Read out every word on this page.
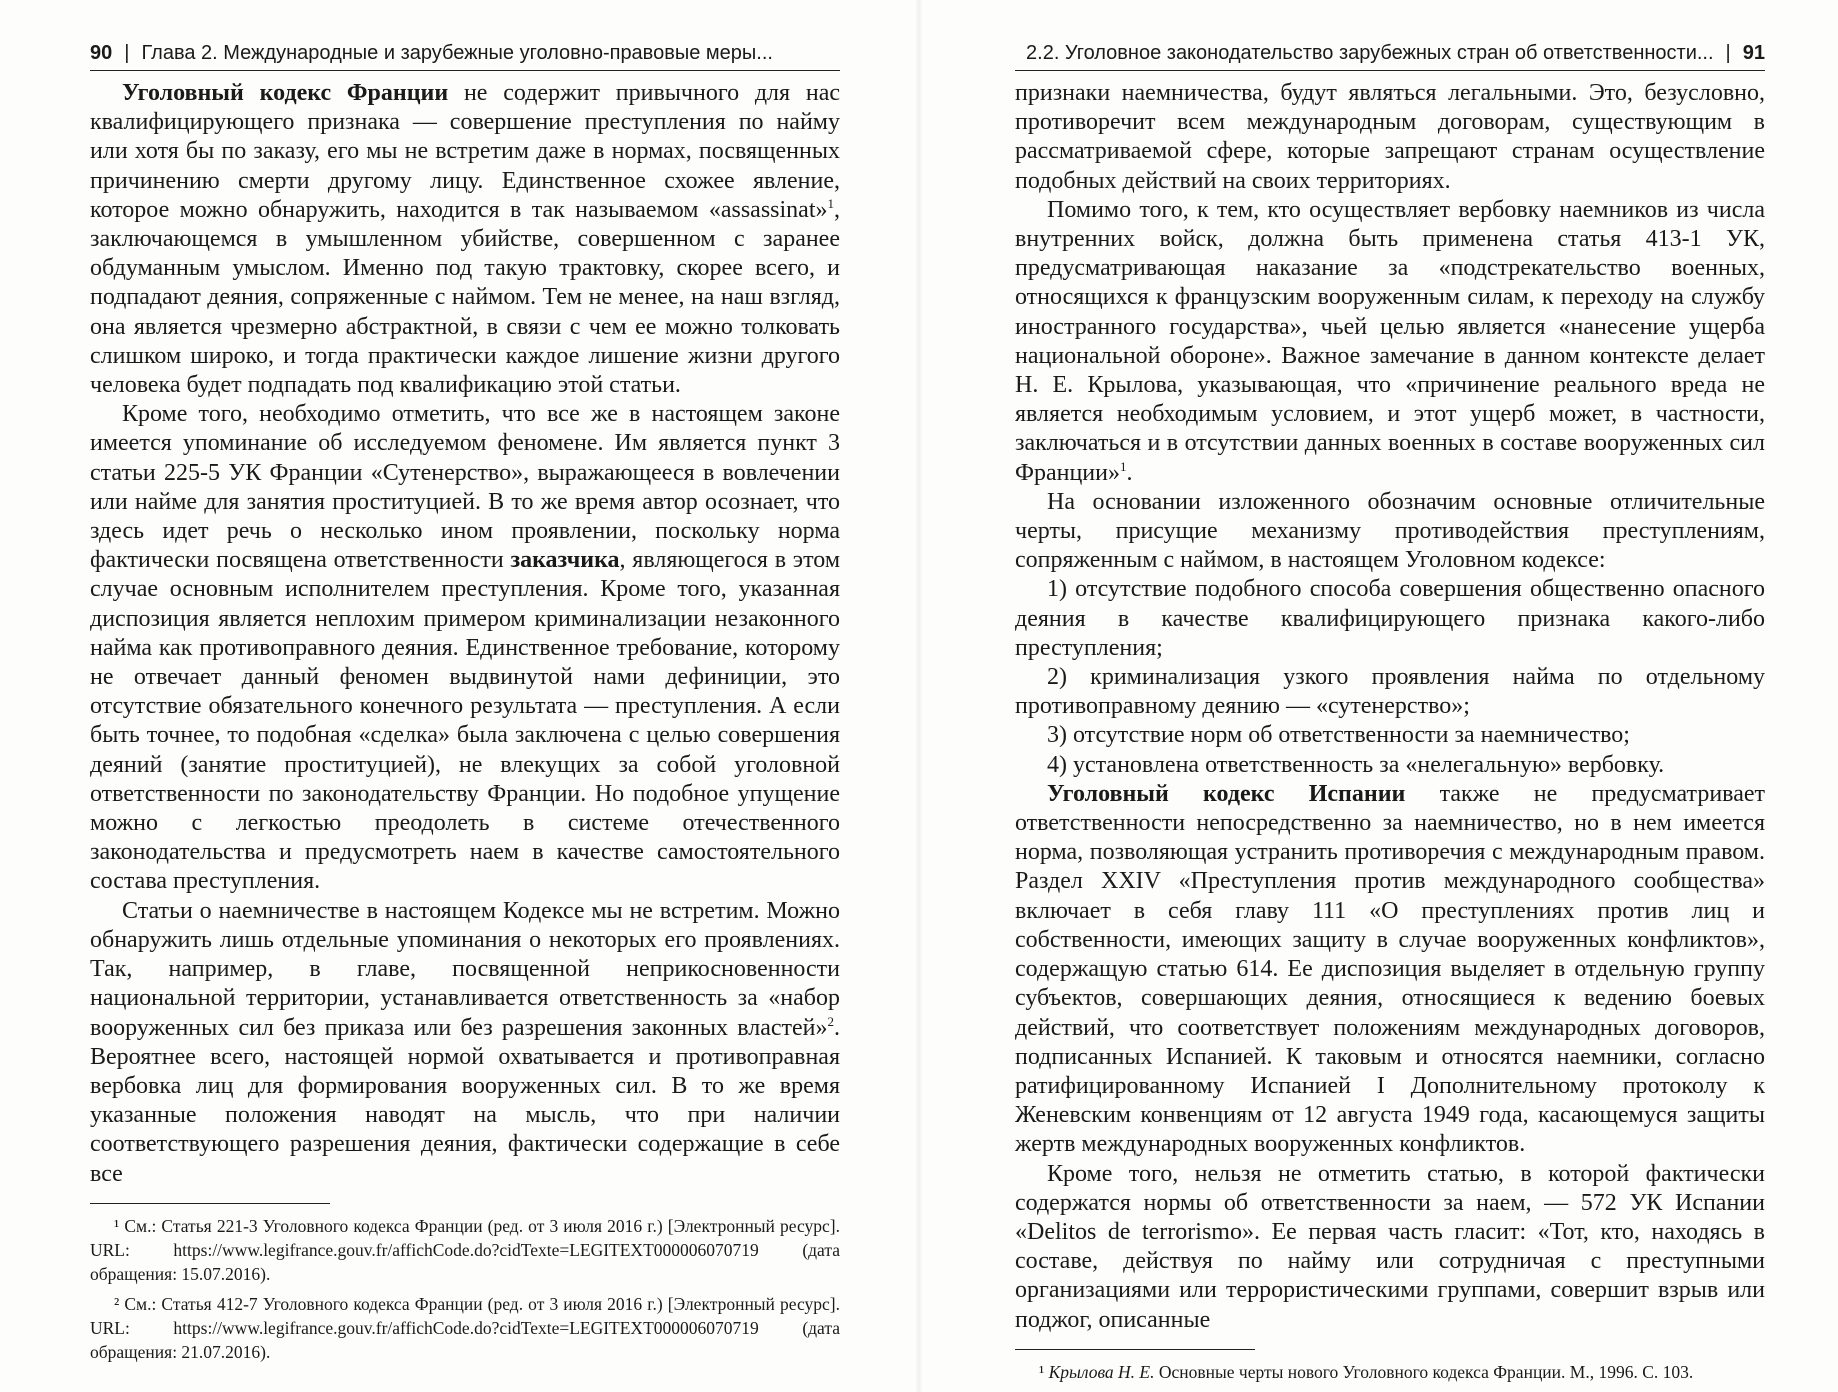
90 | Глава 2. Международные и зарубежные уголовно-правовые меры...

Уголовный кодекс Франции не содержит привычного для нас квалифицирующего признака — совершение преступления по найму или хотя бы по заказу, его мы не встретим даже в нормах, посвященных причинению смерти другому лицу. Единственное схожее явление, которое можно обнаружить, находится в так называемом «assassinat»$^1$, заключающемся в умышленном убийстве, совершенном с заранее обдуманным умыслом. Именно под такую трактовку, скорее всего, и подпадают деяния, сопряженные с наймом. Тем не менее, на наш взгляд, она является чрезмерно абстрактной, в связи с чем ее можно толковать слишком широко, и тогда практически каждое лишение жизни другого человека будет подпадать под квалификацию этой статьи.

Кроме того, необходимо отметить, что все же в настоящем законе имеется упоминание об исследуемом феномене. Им является пункт 3 статьи 225-5 УК Франции «Сутенерство», выражающееся в вовлечении или найме для занятия проституцией. В то же время автор осознает, что здесь идет речь о несколько ином проявлении, поскольку норма фактически посвящена ответственности заказчика, являющегося в этом случае основным исполнителем преступления. Кроме того, указанная диспозиция является неплохим примером криминализации незаконного найма как противоправного деяния. Единственное требование, которому не отвечает данный феномен выдвинутой нами дефиниции, это отсутствие обязательного конечного результата — преступления. А если быть точнее, то подобная «сделка» была заключена с целью совершения деяний (занятие проституцией), не влекущих за собой уголовной ответственности по законодательству Франции. Но подобное упущение можно с легкостью преодолеть в системе отечественного законодательства и предусмотреть наем в качестве самостоятельного состава преступления.

Статьи о наемничестве в настоящем Кодексе мы не встретим. Можно обнаружить лишь отдельные упоминания о некоторых его проявлениях. Так, например, в главе, посвященной неприкосновенности национальной территории, устанавливается ответственность за «набор вооруженных сил без приказа или без разрешения законных властей»$^2$. Вероятнее всего, настоящей нормой охватывается и противоправная вербовка лиц для формирования вооруженных сил. В то же время указанные положения наводят на мысль, что при наличии соответствующего разрешения деяния, фактически содержащие в себе все

¹ См.: Статья 221-3 Уголовного кодекса Франции (ред. от 3 июля 2016 г.) [Электронный ресурс]. URL: https://www.legifrance.gouv.fr/affichCode.do?cidTexte=LEGITEXT000006070719 (дата обращения: 15.07.2016).

² См.: Статья 412-7 Уголовного кодекса Франции (ред. от 3 июля 2016 г.) [Электронный ресурс]. URL: https://www.legifrance.gouv.fr/affichCode.do?cidTexte=LEGITEXT000006070719 (дата обращения: 21.07.2016).

2.2. Уголовное законодательство зарубежных стран об ответственности... | 91

признаки наемничества, будут являться легальными. Это, безусловно, противоречит всем международным договорам, существующим в рассматриваемой сфере, которые запрещают странам осуществление подобных действий на своих территориях.

Помимо того, к тем, кто осуществляет вербовку наемников из числа внутренних войск, должна быть применена статья 413-1 УК, предусматривающая наказание за «подстрекательство военных, относящихся к французским вооруженным силам, к переходу на службу иностранного государства», чьей целью является «нанесение ущерба национальной обороне». Важное замечание в данном контексте делает Н. Е. Крылова, указывающая, что «причинение реального вреда не является необходимым условием, и этот ущерб может, в частности, заключаться и в отсутствии данных военных в составе вооруженных сил Франции»$^1$.

На основании изложенного обозначим основные отличительные черты, присущие механизму противодействия преступлениям, сопряженным с наймом, в настоящем Уголовном кодексе:

1) отсутствие подобного способа совершения общественно опасного деяния в качестве квалифицирующего признака какого-либо преступления;

2) криминализация узкого проявления найма по отдельному противоправному деянию — «сутенерство»;

3) отсутствие норм об ответственности за наемничество;

4) установлена ответственность за «нелегальную» вербовку.

Уголовный кодекс Испании также не предусматривает ответственности непосредственно за наемничество, но в нем имеется норма, позволяющая устранить противоречия с международным правом. Раздел XXIV «Преступления против международного сообщества» включает в себя главу 111 «О преступлениях против лиц и собственности, имеющих защиту в случае вооруженных конфликтов», содержащую статью 614. Ее диспозиция выделяет в отдельную группу субъектов, совершающих деяния, относящиеся к ведению боевых действий, что соответствует положениям международных договоров, подписанных Испанией. К таковым и относятся наемники, согласно ратифицированному Испанией I Дополнительному протоколу к Женевским конвенциям от 12 августа 1949 года, касающемуся защиты жертв международных вооруженных конфликтов.

Кроме того, нельзя не отметить статью, в которой фактически содержатся нормы об ответственности за наем, — 572 УК Испании «Delitos de terrorismo». Ее первая часть гласит: «Тот, кто, находясь в составе, действуя по найму или сотрудничая с преступными организациями или террористическими группами, совершит взрыв или поджог, описанные

¹ Крылова Н. Е. Основные черты нового Уголовного кодекса Франции. М., 1996. С. 103.
